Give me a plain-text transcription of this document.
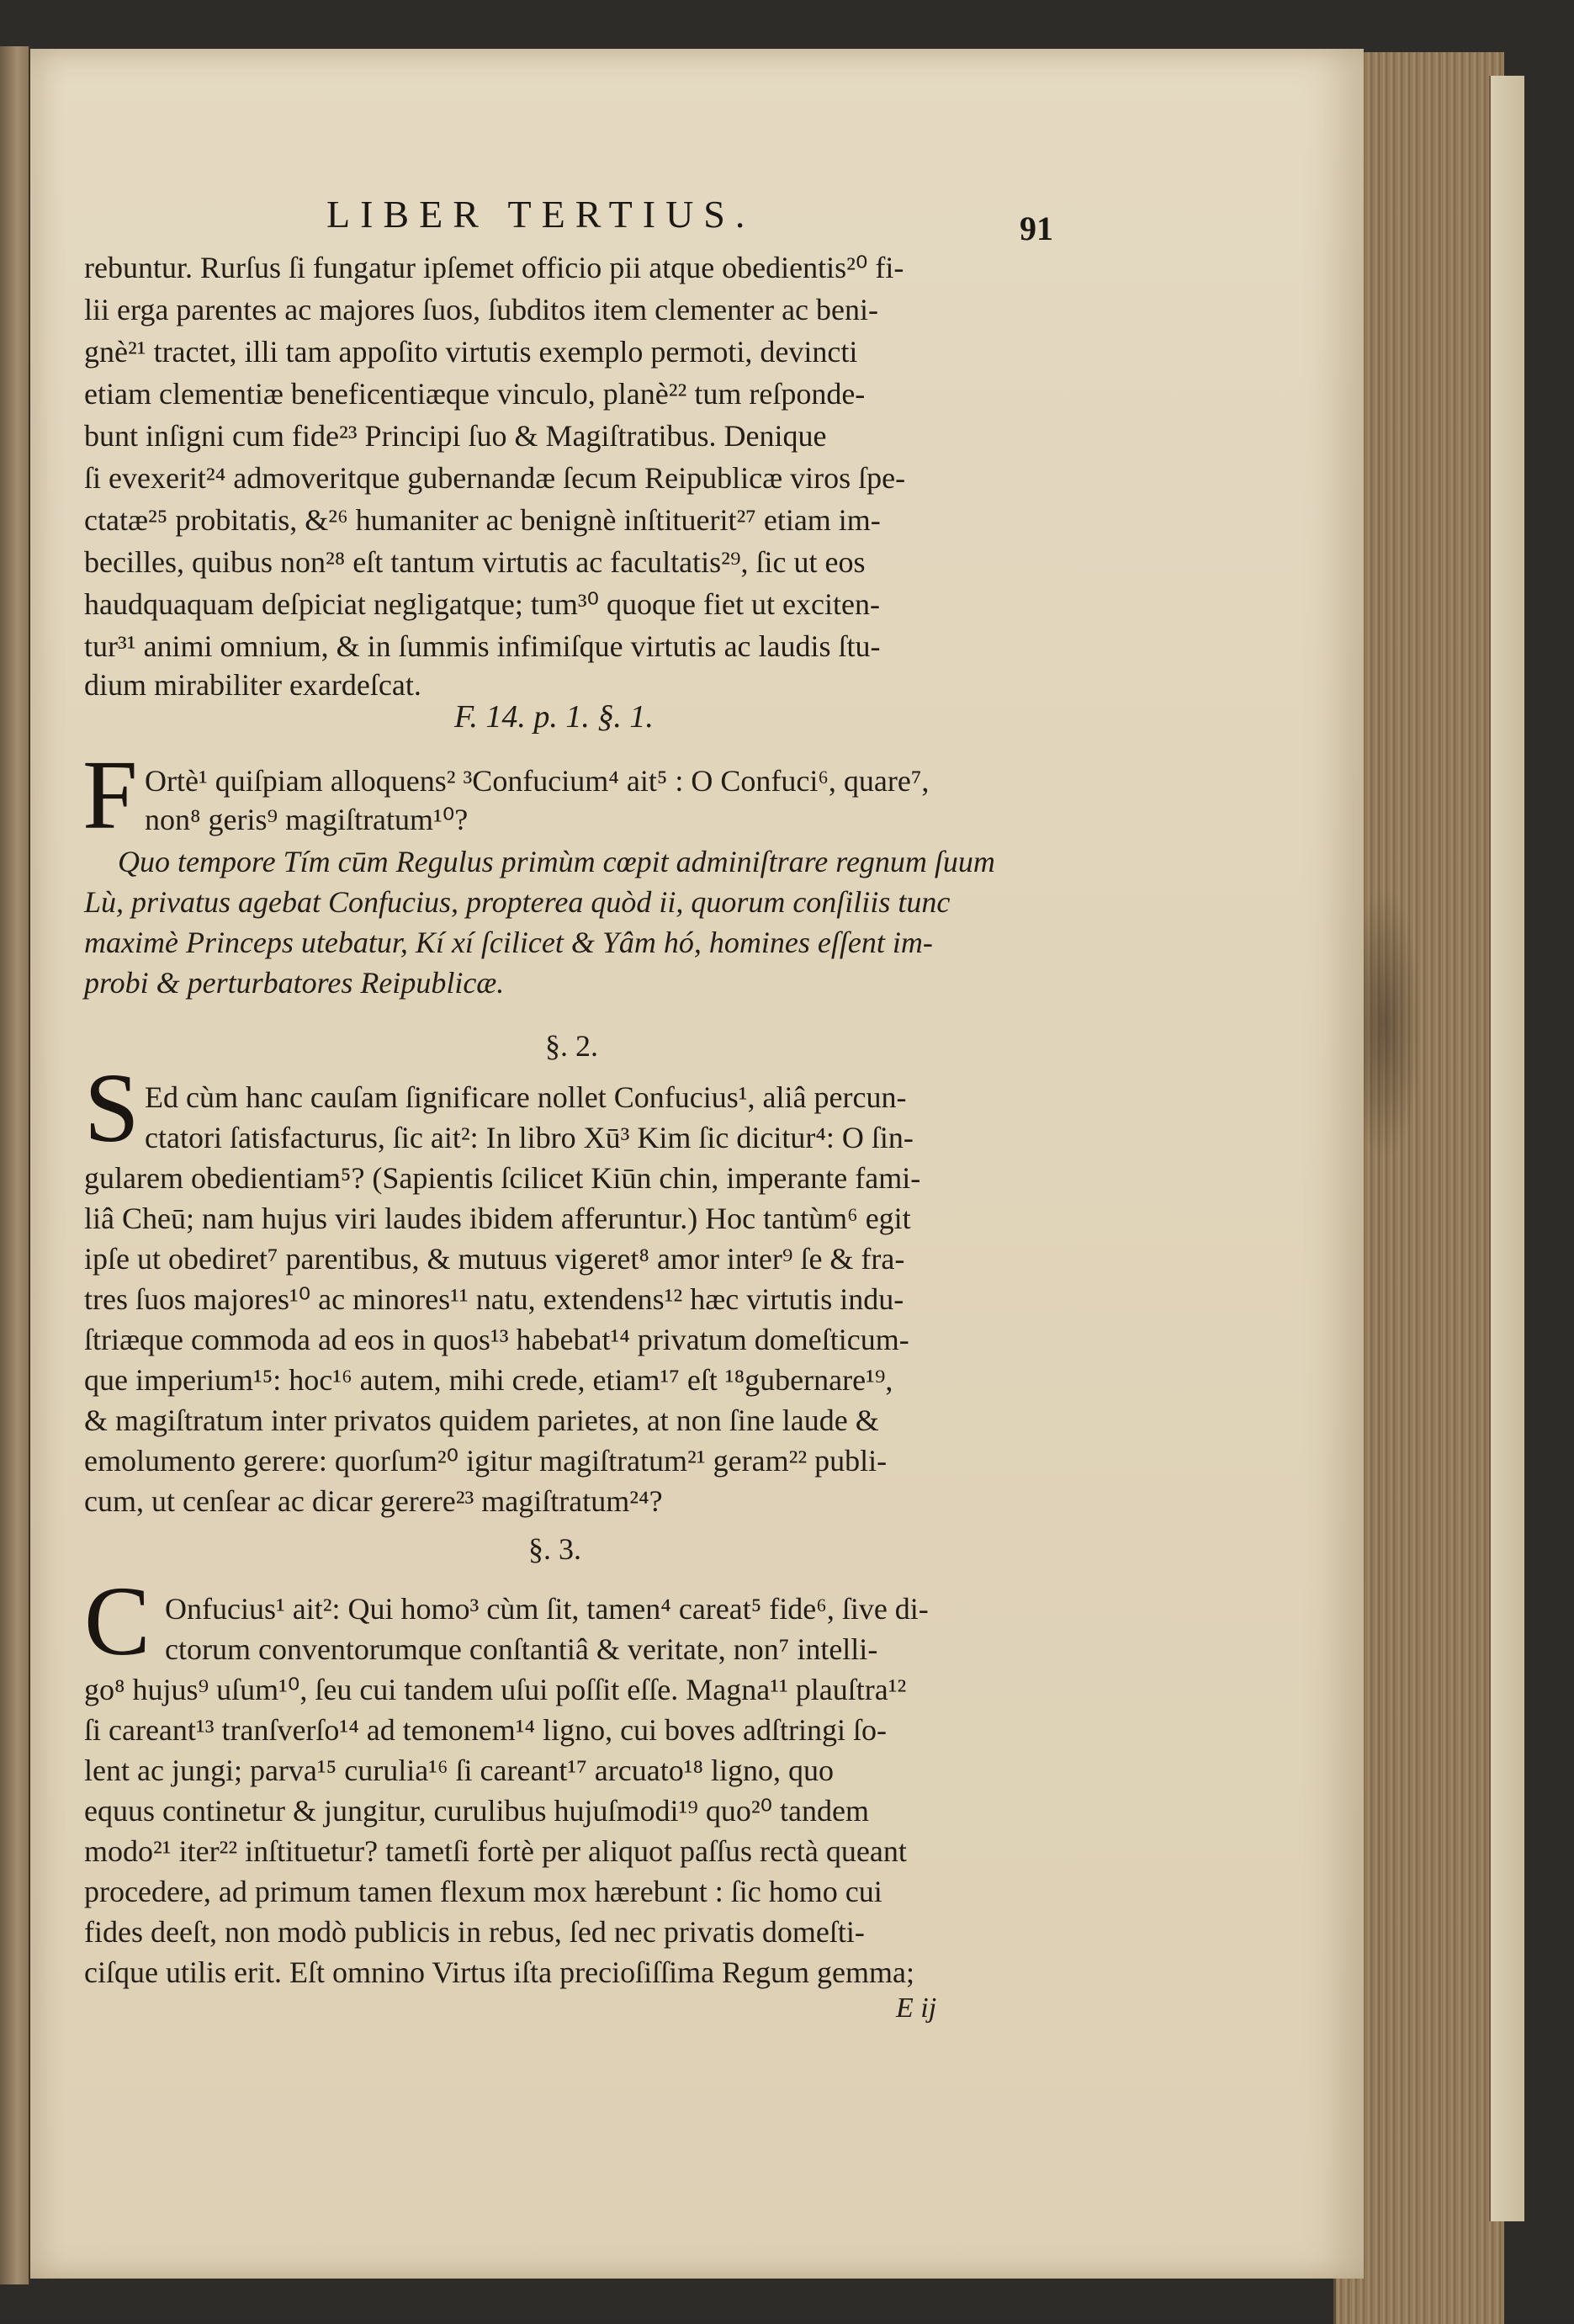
LIBER TERTIUS.	91
rebuntur. Rurſus ſi fungatur ipſemet officio pii atque obedientis²⁰ fi-
lii erga parentes ac majores ſuos, ſubditos item clementer ac beni-
gnè²¹ tractet, illi tam appoſito virtutis exemplo permoti, devincti
etiam clementiæ beneficentiæque vinculo, planè²² tum reſponde-
bunt inſigni cum fide²³ Principi ſuo & Magiſtratibus. Denique
ſi evexerit²⁴ admoveritque gubernandæ ſecum Reipublicæ viros ſpe-
ctatæ²⁵ probitatis, &²⁶ humaniter ac benignè inſtituerit²⁷ etiam im-
becilles, quibus non²⁸ eſt tantum virtutis ac facultatis²⁹, ſic ut eos
haudquaquam deſpiciat negligatque; tum³⁰ quoque fiet ut exciten-
tur³¹ animi omnium, & in ſummis infimiſque virtutis ac laudis ſtu-
dium mirabiliter exardeſcat.
F. 14. p. 1. §. 1.
F Ortè¹ quiſpiam alloquens² ³Confucium⁴ ait⁵ : O Confuci⁶, quare⁷,
non⁸ geris⁹ magiſtratum¹⁰?
Quo tempore Tím cūm Regulus primùm cœpit adminiſtrare regnum ſuum
Lù, privatus agebat Confucius, propterea quòd ii, quorum conſiliis tunc
maximè Princeps utebatur, Kí xí ſcilicet & Yâm hó, homines eſſent im-
probi & perturbatores Reipublicæ.
§. 2.
S Ed cùm hanc cauſam ſignificare nollet Confucius¹, aliâ percun-
ctatori ſatisfacturus, ſic ait²: In libro Xū³ Kim ſic dicitur⁴: O ſin-
gularem obedientiam⁵? (Sapientis ſcilicet Kiūn chin, imperante fami-
liâ Cheū; nam hujus viri laudes ibidem afferuntur.) Hoc tantùm⁶ egit
ipſe ut obediret⁷ parentibus, & mutuus vigeret⁸ amor inter⁹ ſe & fra-
tres ſuos majores¹⁰ ac minores¹¹ natu, extendens¹² hæc virtutis indu-
ſtriæque commoda ad eos in quos¹³ habebat¹⁴ privatum domeſticum-
que imperium¹⁵: hoc¹⁶ autem, mihi crede, etiam¹⁷ eſt ¹⁸gubernare¹⁹,
& magiſtratum inter privatos quidem parietes, at non ſine laude &
emolumento gerere: quorſum²⁰ igitur magiſtratum²¹ geram²² publi-
cum, ut cenſear ac dicar gerere²³ magiſtratum²⁴?
§. 3.
C Onfucius¹ ait²: Qui homo³ cùm ſit, tamen⁴ careat⁵ fide⁶, ſive di-
ctorum conventorumque conſtantiâ & veritate, non⁷ intelli-
go⁸ hujus⁹ uſum¹⁰, ſeu cui tandem uſui poſſit eſſe. Magna¹¹ plauſtra¹²
ſi careant¹³ tranſverſo¹⁴ ad temonem¹⁴ ligno, cui boves adſtringi ſo-
lent ac jungi; parva¹⁵ curulia¹⁶ ſi careant¹⁷ arcuato¹⁸ ligno, quo
equus continetur & jungitur, curulibus hujuſmodi¹⁹ quo²⁰ tandem
modo²¹ iter²² inſtituetur? tametſi fortè per aliquot paſſus rectà queant
procedere, ad primum tamen flexum mox hærebunt : ſic homo cui
fides deeſt, non modò publicis in rebus, ſed nec privatis domeſti-
ciſque utilis erit. Eſt omnino Virtus iſta precioſiſſima Regum gemma;
E ij
